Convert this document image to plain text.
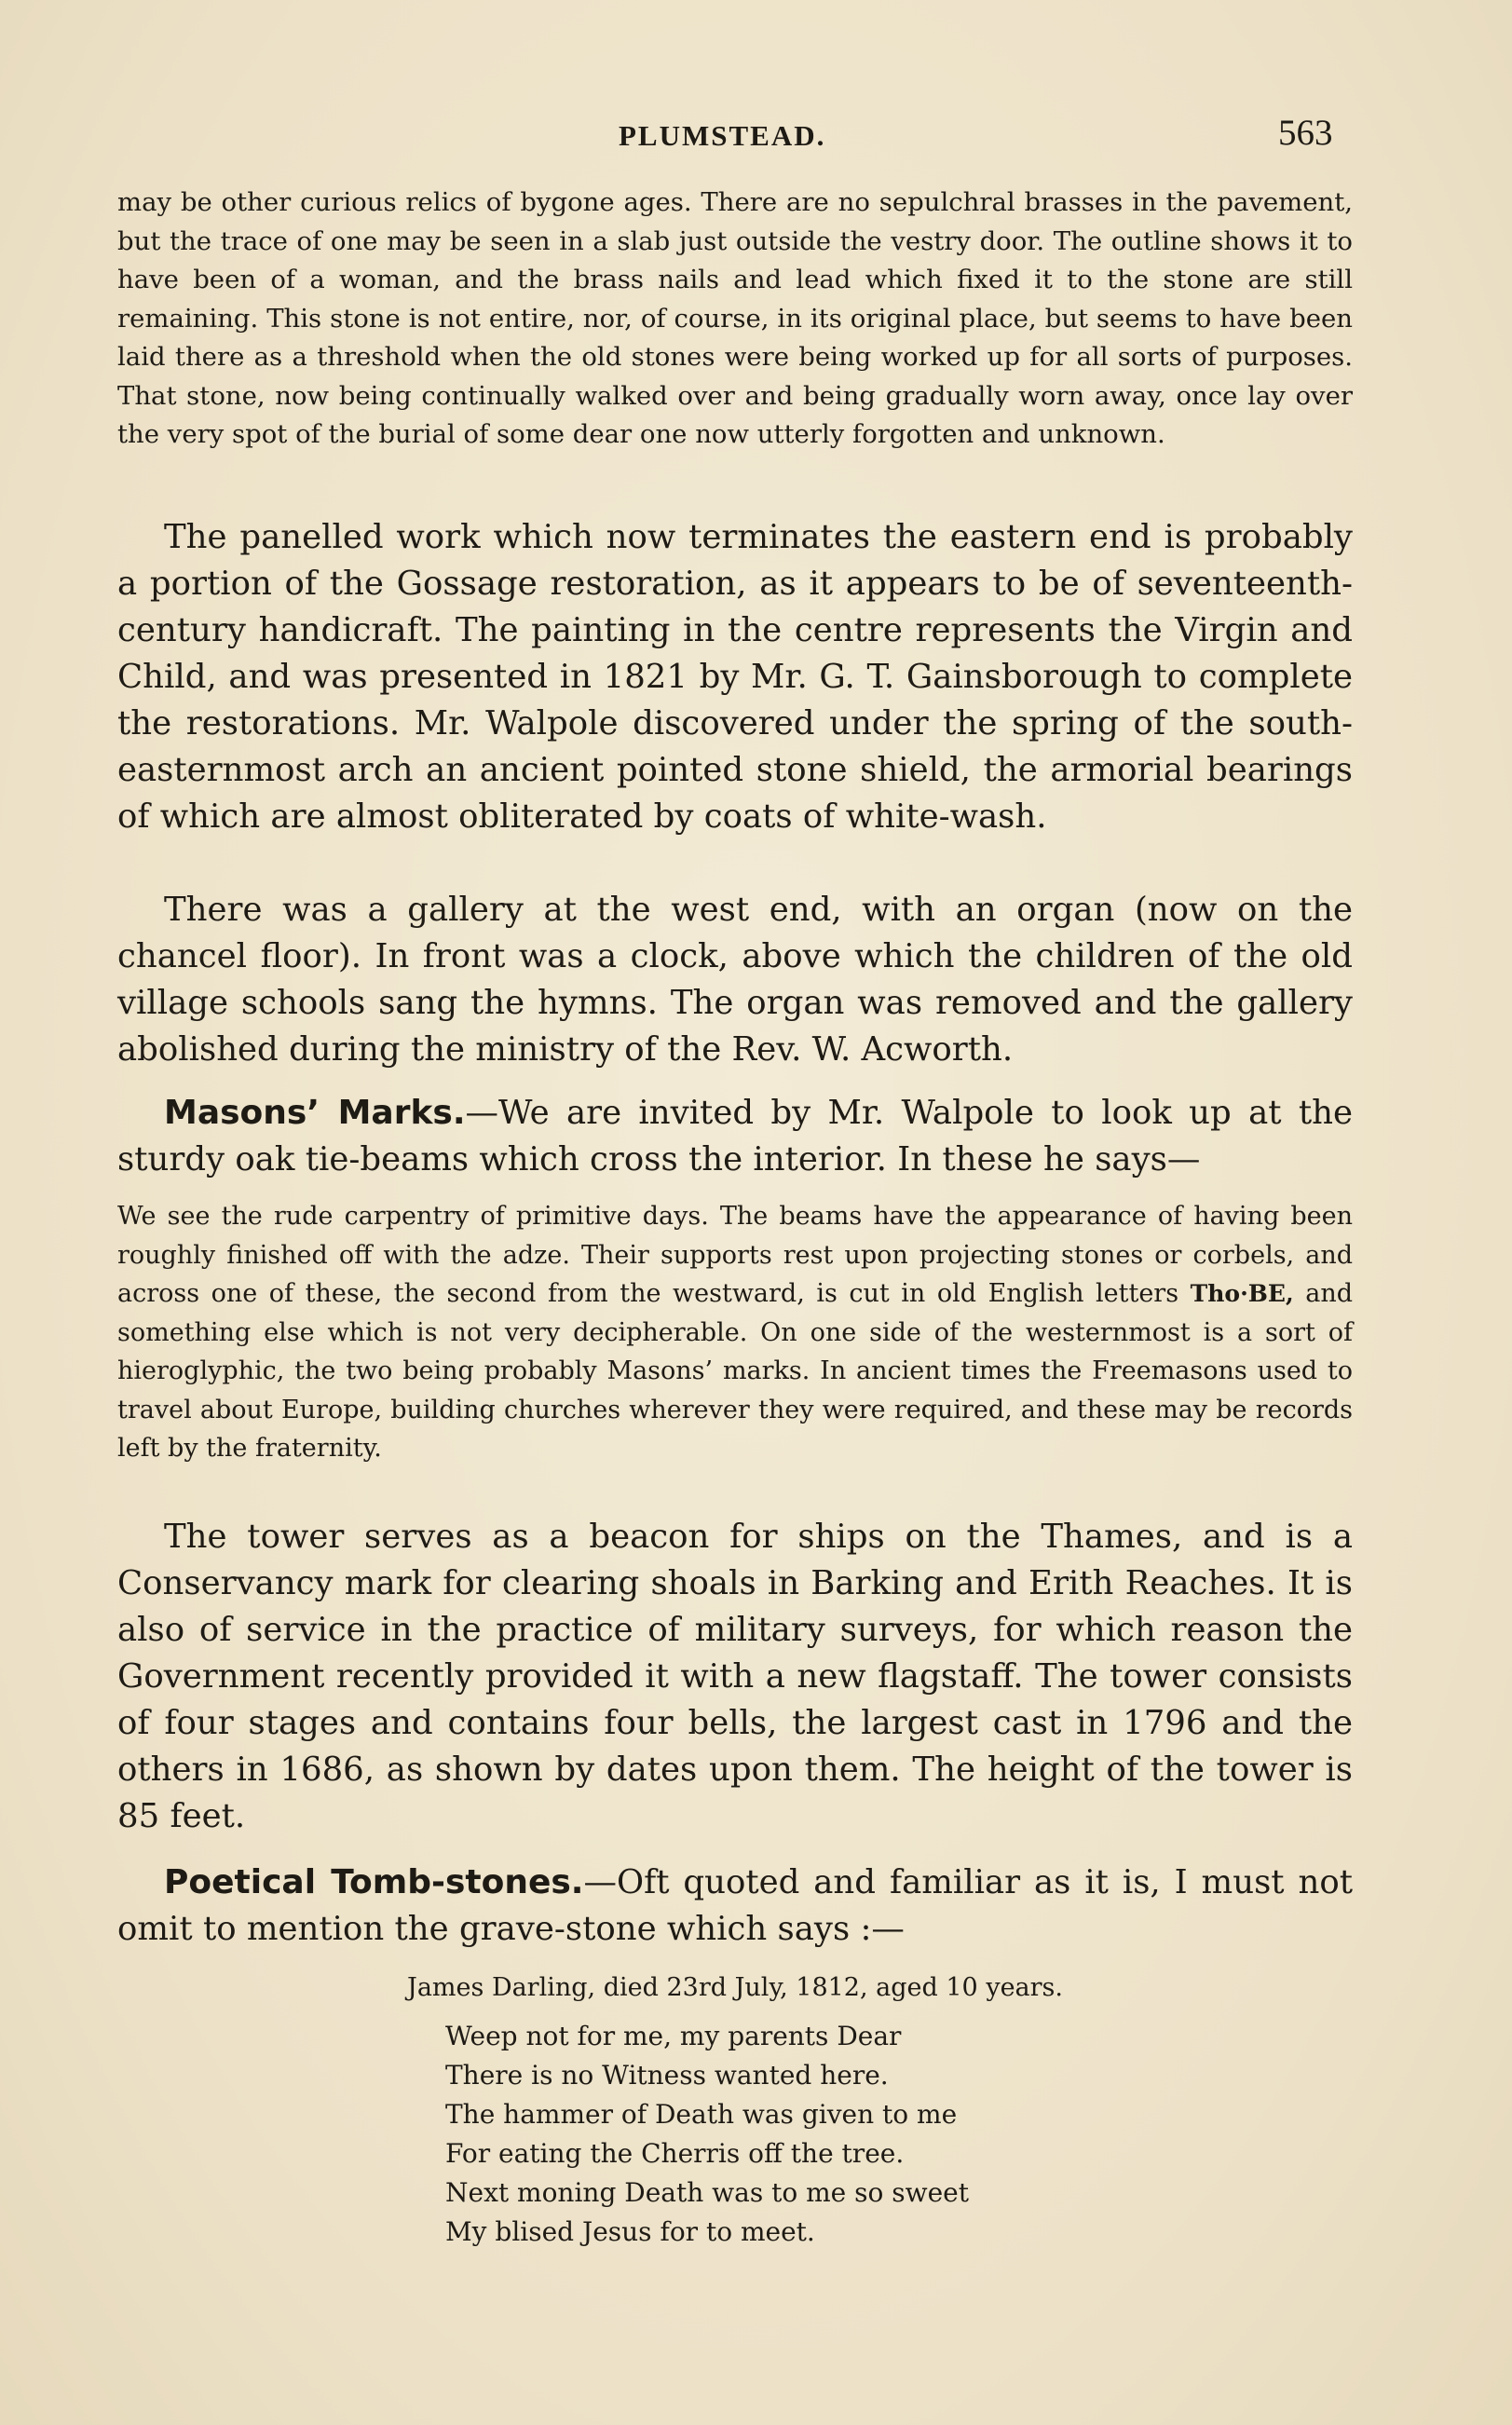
PLUMSTEAD.	563

may be other curious relics of bygone ages. There are no sepulchral brasses in the pavement, but the trace of one may be seen in a slab just outside the vestry door. The outline shows it to have been of a woman, and the brass nails and lead which fixed it to the stone are still remaining. This stone is not entire, nor, of course, in its original place, but seems to have been laid there as a threshold when the old stones were being worked up for all sorts of purposes. That stone, now being continually walked over and being gradually worn away, once lay over the very spot of the burial of some dear one now utterly forgotten and unknown.

The panelled work which now terminates the eastern end is probably a portion of the Gossage restoration, as it appears to be of seventeenth-century handicraft. The painting in the centre represents the Virgin and Child, and was presented in 1821 by Mr. G. T. Gainsborough to complete the restorations. Mr. Walpole discovered under the spring of the south-easternmost arch an ancient pointed stone shield, the armorial bearings of which are almost obliterated by coats of white-wash.

There was a gallery at the west end, with an organ (now on the chancel floor). In front was a clock, above which the children of the old village schools sang the hymns. The organ was removed and the gallery abolished during the ministry of the Rev. W. Acworth.

Masons’ Marks.—We are invited by Mr. Walpole to look up at the sturdy oak tie-beams which cross the interior. In these he says—

We see the rude carpentry of primitive days. The beams have the appearance of having been roughly finished off with the adze. Their supports rest upon projecting stones or corbels, and across one of these, the second from the westward, is cut in old English letters Tho·BE, and something else which is not very decipherable. On one side of the westernmost is a sort of hieroglyphic, the two being probably Masons’ marks. In ancient times the Freemasons used to travel about Europe, building churches wherever they were required, and these may be records left by the fraternity.

The tower serves as a beacon for ships on the Thames, and is a Conservancy mark for clearing shoals in Barking and Erith Reaches. It is also of service in the practice of military surveys, for which reason the Government recently provided it with a new flagstaff. The tower consists of four stages and contains four bells, the largest cast in 1796 and the others in 1686, as shown by dates upon them. The height of the tower is 85 feet.

Poetical Tomb-stones.—Oft quoted and familiar as it is, I must not omit to mention the grave-stone which says :—

James Darling, died 23rd July, 1812, aged 10 years.

Weep not for me, my parents Dear

There is no Witness wanted here.

The hammer of Death was given to me

For eating the Cherris off the tree.

Next moning Death was to me so sweet

My blised Jesus for to meet.
